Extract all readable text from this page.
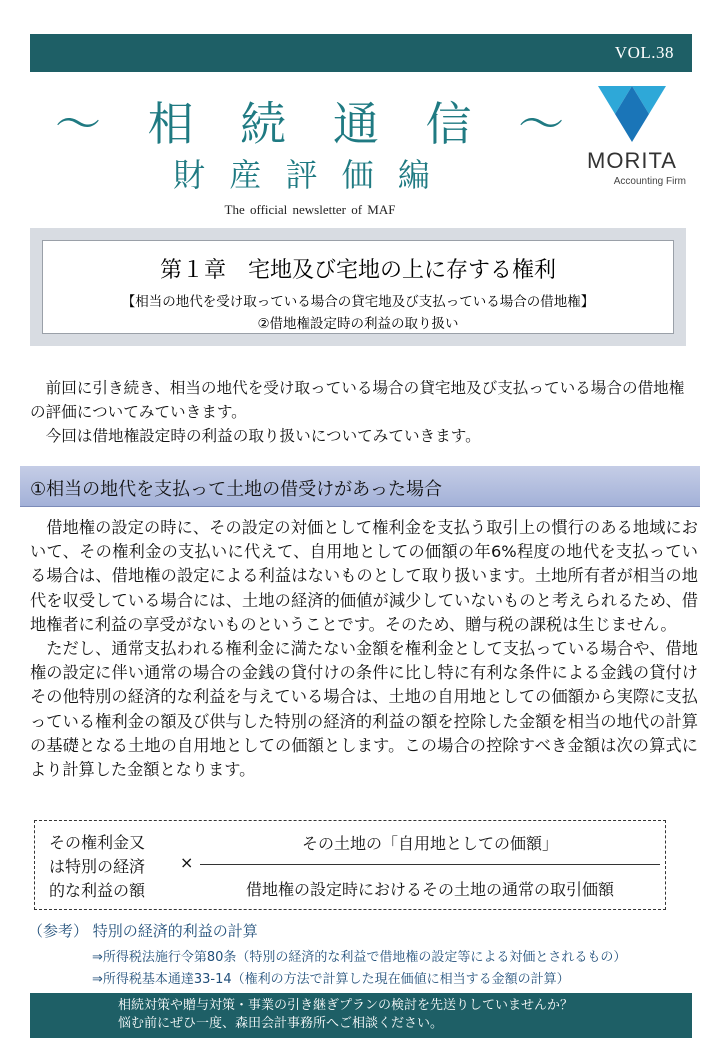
VOL.38
～ 相 続 通 信 ～
財 産 評 価 編
The official newsletter of MAF
MORITA
Accounting Firm
第１章　宅地及び宅地の上に存する権利
【相当の地代を受け取っている場合の貸宅地及び支払っている場合の借地権】
②借地権設定時の利益の取り扱い

前回に引き続き、相当の地代を受け取っている場合の貸宅地及び支払っている場合の借地権の評価についてみていきます。

今回は借地権設定時の利益の取り扱いについてみていきます。

①相当の地代を支払って土地の借受けがあった場合

借地権の設定の時に、その設定の対価として権利金を支払う取引上の慣行のある地域において、その権利金の支払いに代えて、自用地としての価額の年6%程度の地代を支払っている場合は、借地権の設定による利益はないものとして取り扱います。土地所有者が相当の地代を収受している場合には、土地の経済的価値が減少していないものと考えられるため、借地権者に利益の享受がないものということです。そのため、贈与税の課税は生じません。

ただし、通常支払われる権利金に満たない金額を権利金として支払っている場合や、借地権の設定に伴い通常の場合の金銭の貸付けの条件に比し特に有利な条件による金銭の貸付けその他特別の経済的な利益を与えている場合は、土地の自用地としての価額から実際に支払っている権利金の額及び供与した特別の経済的利益の額を控除した金額を相当の地代の計算の基礎となる土地の自用地としての価額とします。この場合の控除すべき金額は次の算式により計算した金額となります。

その権利金又
は特別の経済
的な利益の額
×
その土地の「自用地としての価額」
借地権の設定時におけるその土地の通常の取引価額
（参考） 特別の経済的利益の計算
⇒所得税法施行令第80条（特別の経済的な利益で借地権の設定等による対価とされるもの）
⇒所得税基本通達33-14（権利の方法で計算した現在価値に相当する金額の計算）
相続対策や贈与対策・事業の引き継ぎプランの検討を先送りしていませんか？
悩む前にぜひ一度、森田会計事務所へご相談ください。
